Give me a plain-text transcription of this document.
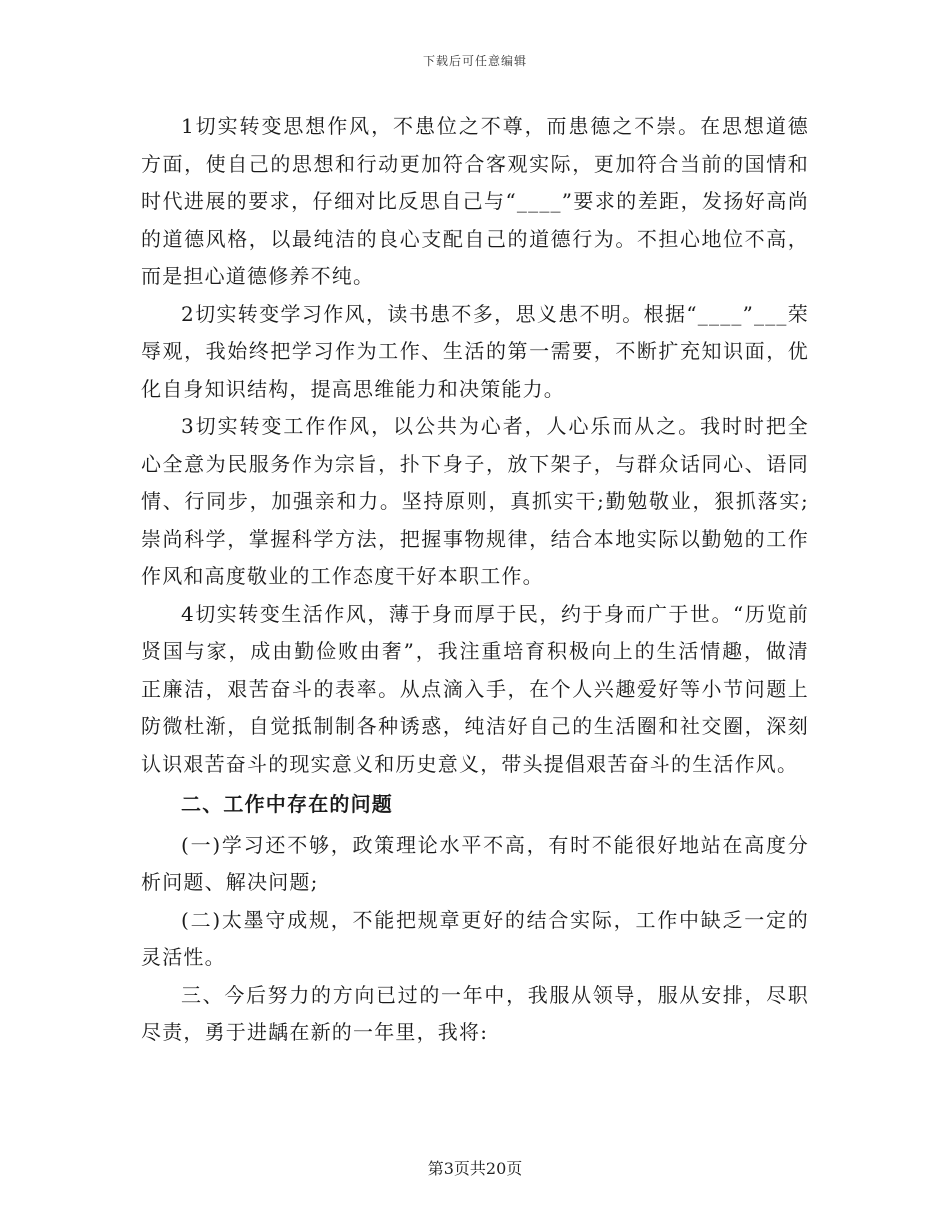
下载后可任意编辑

1切实转变思想作风，不患位之不尊，而患德之不崇。在思想道德方面，使自己的思想和行动更加符合客观实际，更加符合当前的国情和时代进展的要求，仔细对比反思自己与“____”要求的差距，发扬好高尚的道德风格，以最纯洁的良心支配自己的道德行为。不担心地位不高，而是担心道德修养不纯。

2切实转变学习作风，读书患不多，思义患不明。根据“____”___荣辱观，我始终把学习作为工作、生活的第一需要，不断扩充知识面，优化自身知识结构，提高思维能力和决策能力。

3切实转变工作作风，以公共为心者，人心乐而从之。我时时把全心全意为民服务作为宗旨，扑下身子，放下架子，与群众话同心、语同情、行同步，加强亲和力。坚持原则，真抓实干;勤勉敬业，狠抓落实;崇尚科学，掌握科学方法，把握事物规律，结合本地实际以勤勉的工作作风和高度敬业的工作态度干好本职工作。

4切实转变生活作风，薄于身而厚于民，约于身而广于世。“历览前贤国与家，成由勤俭败由奢”，我注重培育积极向上的生活情趣，做清正廉洁，艰苦奋斗的表率。从点滴入手，在个人兴趣爱好等小节问题上防微杜渐，自觉抵制制各种诱惑，纯洁好自己的生活圈和社交圈，深刻认识艰苦奋斗的现实意义和历史意义，带头提倡艰苦奋斗的生活作风。

二、工作中存在的问题

(一)学习还不够，政策理论水平不高，有时不能很好地站在高度分析问题、解决问题;

(二)太墨守成规，不能把规章更好的结合实际，工作中缺乏一定的灵活性。

三、今后努力的方向已过的一年中，我服从领导，服从安排，尽职尽责，勇于进龋在新的一年里，我将:

第3页共20页
